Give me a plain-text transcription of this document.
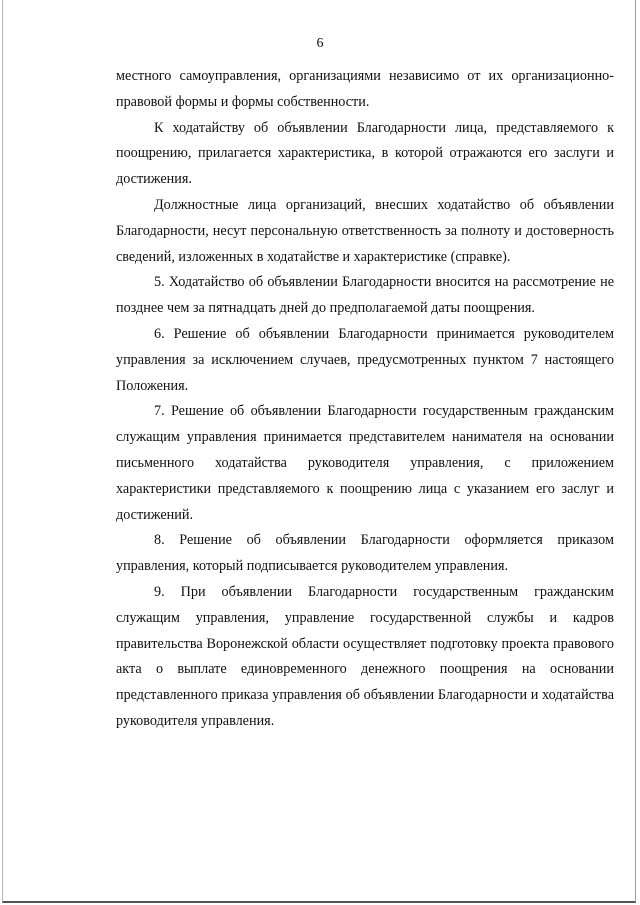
6

местного самоуправления, организациями независимо от их организационно-правовой формы и формы собственности.

К ходатайству об объявлении Благодарности лица, представляемого к поощрению, прилагается характеристика, в которой отражаются его заслуги и достижения.

Должностные лица организаций, внесших ходатайство об объявлении Благодарности, несут персональную ответственность за полноту и достоверность сведений, изложенных в ходатайстве и характеристике (справке).

5. Ходатайство об объявлении Благодарности вносится на рассмотрение не позднее чем за пятнадцать дней до предполагаемой даты поощрения.

6. Решение об объявлении Благодарности принимается руководителем управления за исключением случаев, предусмотренных пунктом 7 настоящего Положения.

7. Решение об объявлении Благодарности государственным гражданским служащим управления принимается представителем нанимателя на основании письменного ходатайства руководителя управления, с приложением характеристики представляемого к поощрению лица с указанием его заслуг и достижений.

8. Решение об объявлении Благодарности оформляется приказом управления, который подписывается руководителем управления.

9. При объявлении Благодарности государственным гражданским служащим управления, управление государственной службы и кадров правительства Воронежской области осуществляет подготовку проекта правового акта о выплате единовременного денежного поощрения на основании представленного приказа управления об объявлении Благодарности и ходатайства руководителя управления.
